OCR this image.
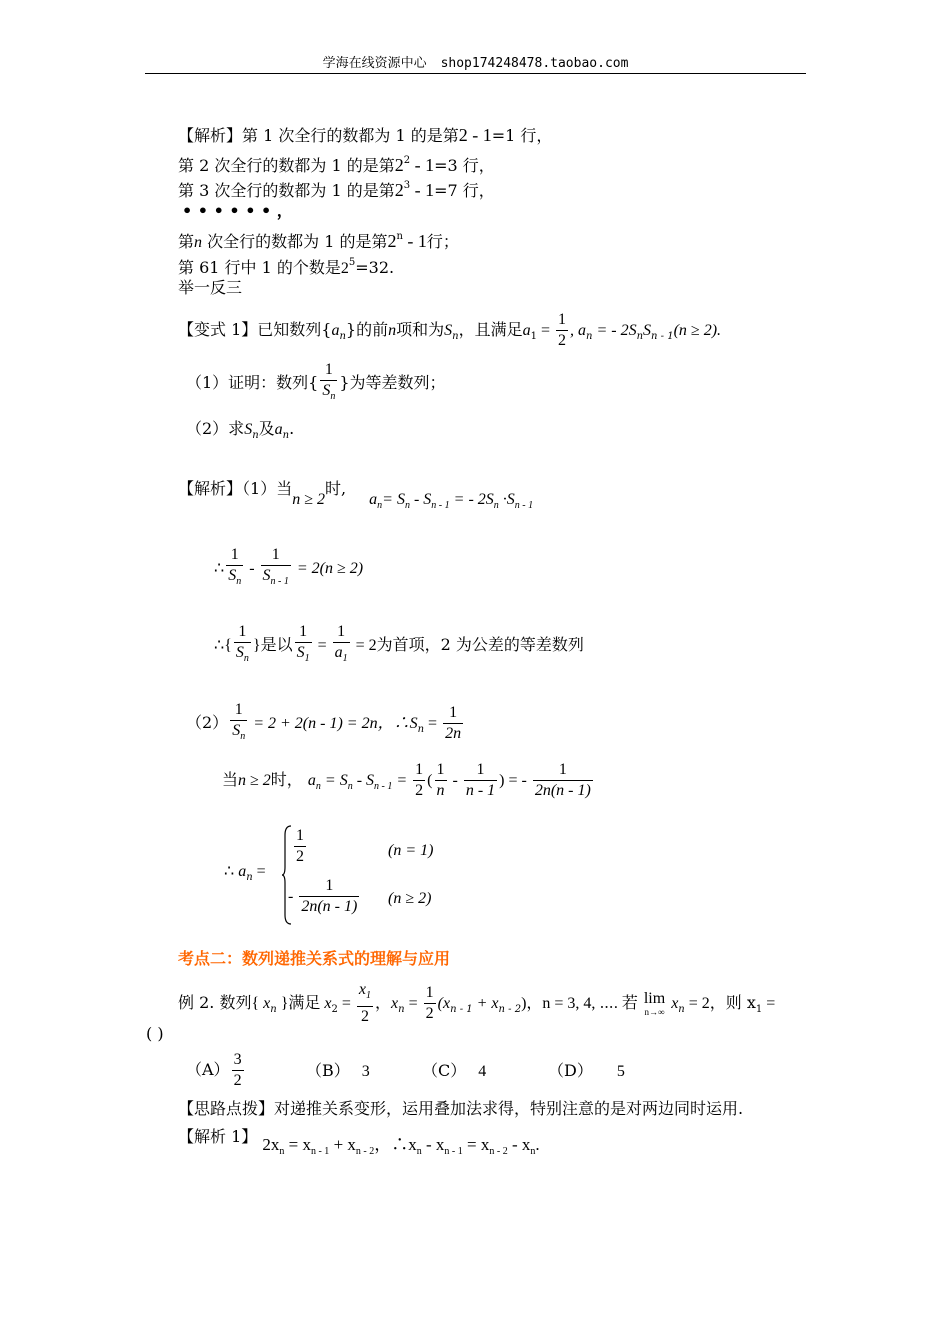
学海在线资源中心 shop174248478.taobao.com
【解析】第 1 次全行的数都为 1 的是第2 - 1=1 行，
第 2 次全行的数都为 1 的是第$2^2 - 1=3$ 行，
第 3 次全行的数都为 1 的是第$2^3 - 1=7$ 行，
• • • • • • ，
第n 次全行的数都为 1 的是第2$^n$ - 1行；
第 61 行中 1 的个数是$2^5=32$.
举一反三
【变式 1】已知数列$\{a_n\}$的前n项和为$S_n$，且满足$a_1 = \frac{1}{2}$ , $a_n$ = - $2S_nS_{n - 1}(n \ge 2)$.
（1）证明：数列{ $\frac{1}{S_n}$ }为等差数列；
（2）求$S_n$及$a_n$.
【解析】（1）当n ≥ 2时, $a_n= S_n - S_{n - 1}$ = - $2S_n \cdot S_{n - 1}$
∴ $\frac{1}{S_n} - \frac{1}{S_{n - 1}} = 2(n \ge 2)$
∴{ $\frac{1}{S_n}$ }是以 $\frac{1}{S_1} = \frac{1}{a_1} = 2$为首项，2 为公差的等差数列
$(2) \frac{1}{S_n} = 2 + 2(n - 1) = 2n$，$\therefore S_n = \frac{1}{2n}$
当n ≥ 2时， $a_n = S_n - S_{n - 1} = \frac{1}{2}$ ( $\frac{1}{n} - \frac{1}{n - 1}$ ) = - $\frac{1}{2n(n - 1)}$
∴ $a_n$ =
$\frac{1}{2}$	(n = 1)
- $\frac{1}{2n(n - 1)} (n \ge 2)$
考点二：数列递推关系式的理解与应用
例 2. 数列{ $x_n$ }满足 $x_2 = \frac{x_1}{2}$ ，$x_n = \frac{1}{2} (x_{n - 1} + x_{n - 2})$，n = 3, 4, ⋯. 若 lim
n→∞ $x_n = 2$，则 $x_1$ =
( )
$(A) \frac{3}{2}$	（B） 3	（C） 4	（D） 5
【思路点拨】对递推关系变形，运用叠加法求得，特别注意的是对两边同时运用.
【解析 1】 $2x_n = x_{n - 1} + x_{n - 2}$，$\therefore x_n - x_{n - 1} = x_{n - 2} - x_n$.
